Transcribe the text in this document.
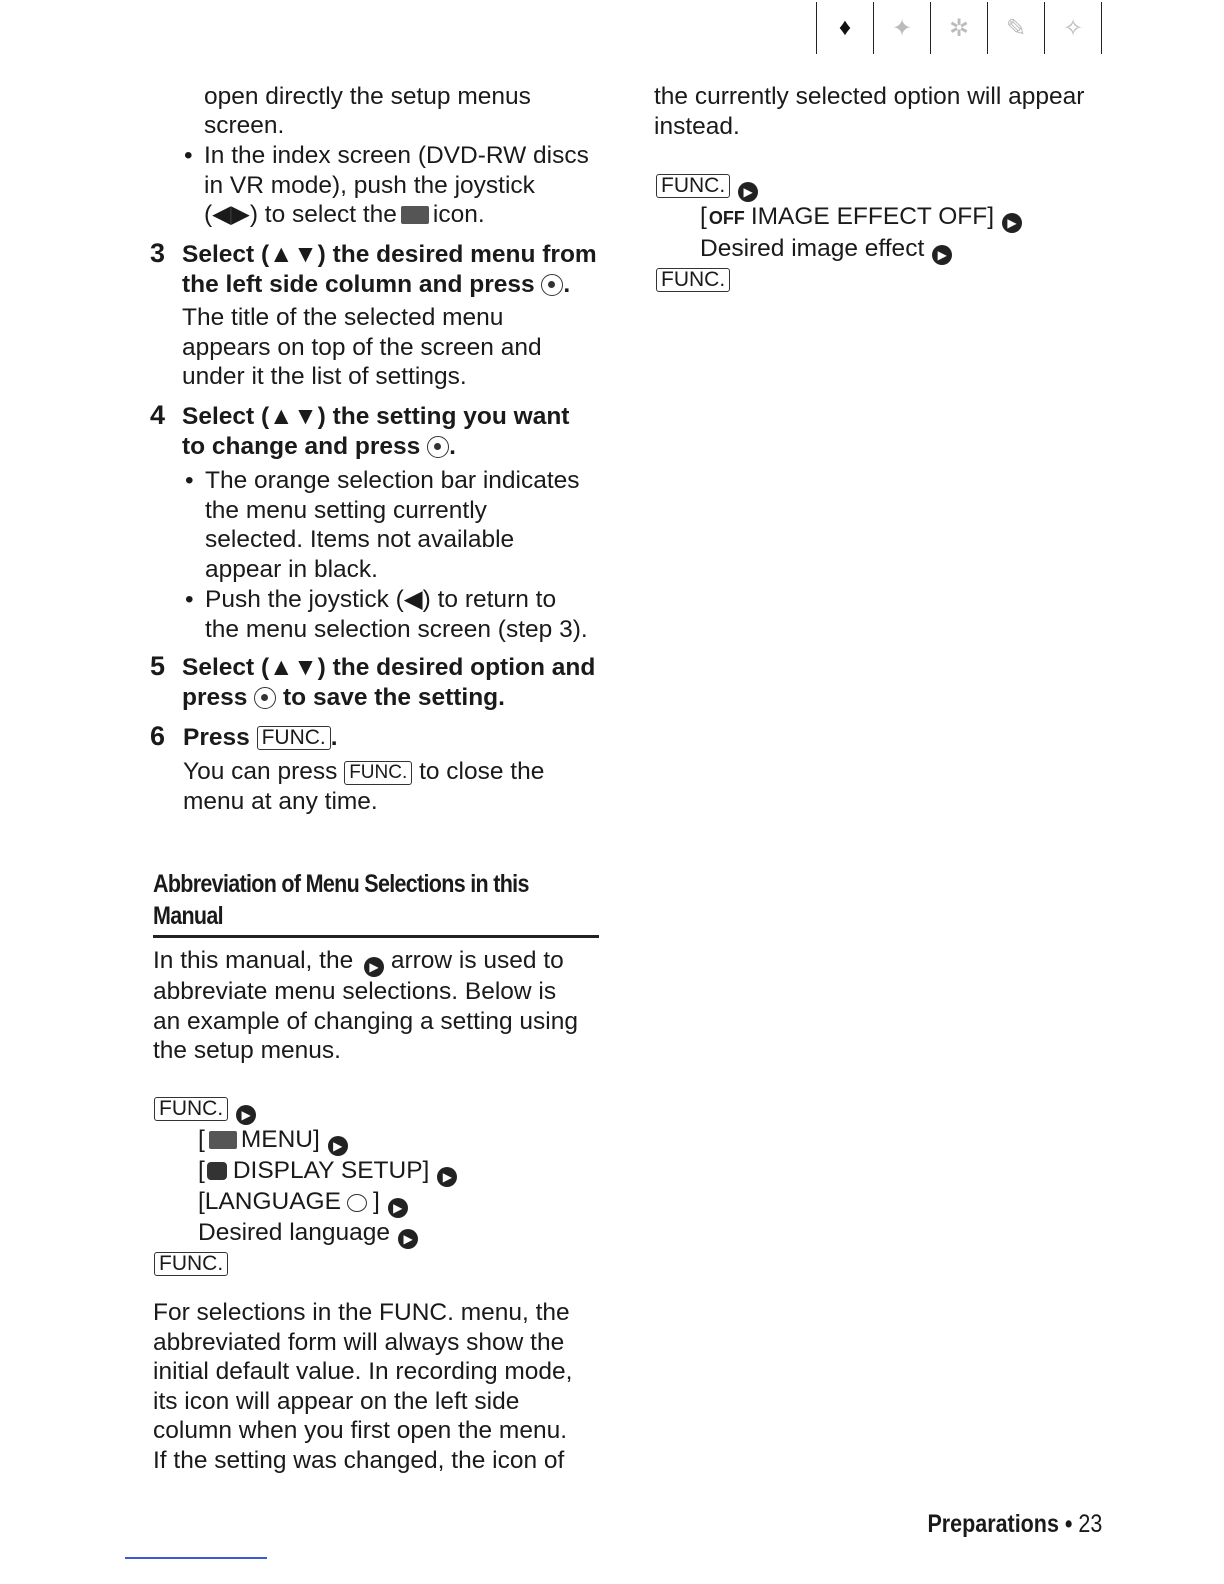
♦	✦	✲	✎	✧
open directly the setup menus
screen.
• In the index screen (DVD-RW discs
in VR mode), push the joystick
(◀▶) to select the icon.
3 Select (▲▼) the desired menu from
the left side column and press .
The title of the selected menu
appears on top of the screen and
under it the list of settings.
4 Select (▲▼) the setting you want
to change and press .
• The orange selection bar indicates
the menu setting currently
selected. Items not available
appear in black.
• Push the joystick (◀) to return to
the menu selection screen (step 3).
5 Select (▲▼) the desired option and
press to save the setting.
6 Press FUNC. .
You can press FUNC. to close the
menu at any time.
Abbreviation of Menu Selections in this
Manual
In this manual, the ▶ arrow is used to
abbreviate menu selections. Below is
an example of changing a setting using
the setup menus.
FUNC. ▶
[ MENU] ▶
[ DISPLAY SETUP] ▶
[LANGUAGE ] ▶
Desired language ▶
FUNC.
For selections in the FUNC. menu, the
abbreviated form will always show the
initial default value. In recording mode,
its icon will appear on the left side
column when you first open the menu.
If the setting was changed, the icon of
the currently selected option will appear
instead.
FUNC. ▶
[ OFF IMAGE EFFECT OFF] ▶
Desired image effect ▶
FUNC.
Preparations • 23
